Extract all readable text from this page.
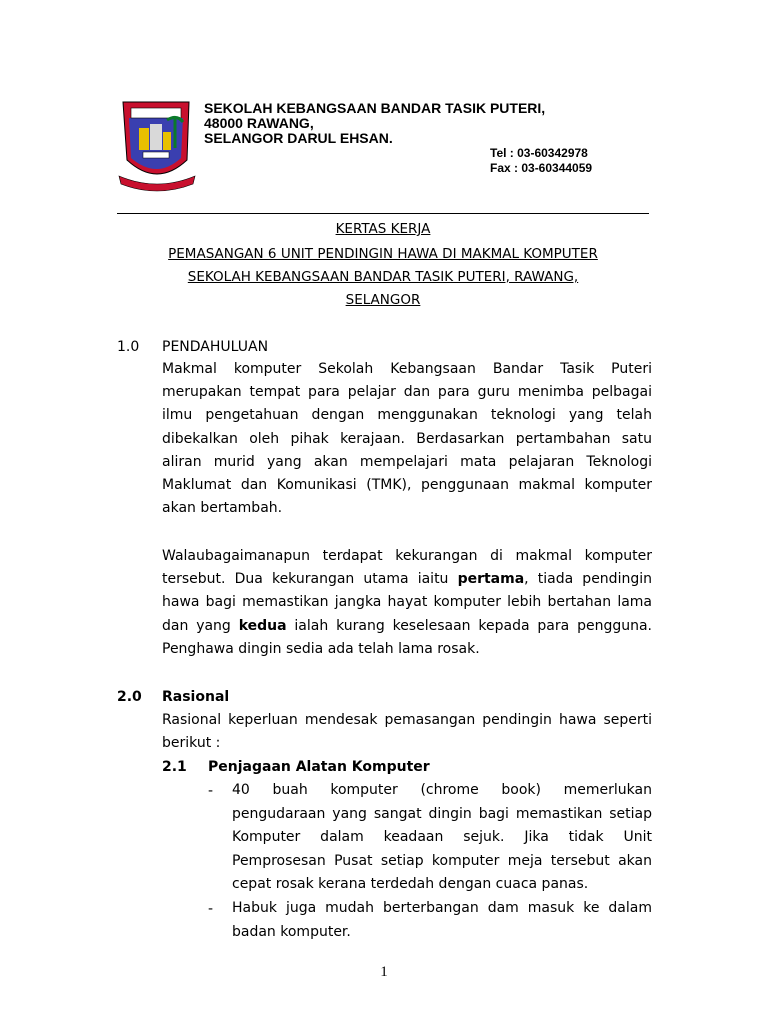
SEKOLAH KEBANGSAAN BANDAR TASIK PUTERI,
48000 RAWANG,
SELANGOR DARUL EHSAN.
Tel : 03-60342978
Fax : 03-60344059
KERTAS KERJA
PEMASANGAN 6 UNIT PENDINGIN HAWA DI MAKMAL KOMPUTER
SEKOLAH KEBANGSAAN BANDAR TASIK PUTERI, RAWANG,
SELANGOR
1.0 PENDAHULUAN
Makmal komputer Sekolah Kebangsaan Bandar Tasik Puteri merupakan tempat para pelajar dan para guru menimba pelbagai ilmu pengetahuan dengan menggunakan teknologi yang telah dibekalkan oleh pihak kerajaan. Berdasarkan pertambahan satu aliran murid yang akan mempelajari mata pelajaran Teknologi Maklumat dan Komunikasi (TMK), penggunaan makmal komputer akan bertambah.
Walaubagaimanapun terdapat kekurangan di makmal komputer tersebut. Dua kekurangan utama iaitu pertama, tiada pendingin hawa bagi memastikan jangka hayat komputer lebih bertahan lama dan yang kedua ialah kurang keselesaan kepada para pengguna. Penghawa dingin sedia ada telah lama rosak.
2.0 Rasional
Rasional keperluan mendesak pemasangan pendingin hawa seperti berikut :
2.1 Penjagaan Alatan Komputer
- 40 buah komputer (chrome book) memerlukan pengudaraan yang sangat dingin bagi memastikan setiap Komputer dalam keadaan sejuk. Jika tidak Unit Pemprosesan Pusat setiap komputer meja tersebut akan cepat rosak kerana terdedah dengan cuaca panas.
- Habuk juga mudah berterbangan dam masuk ke dalam badan komputer.
1
